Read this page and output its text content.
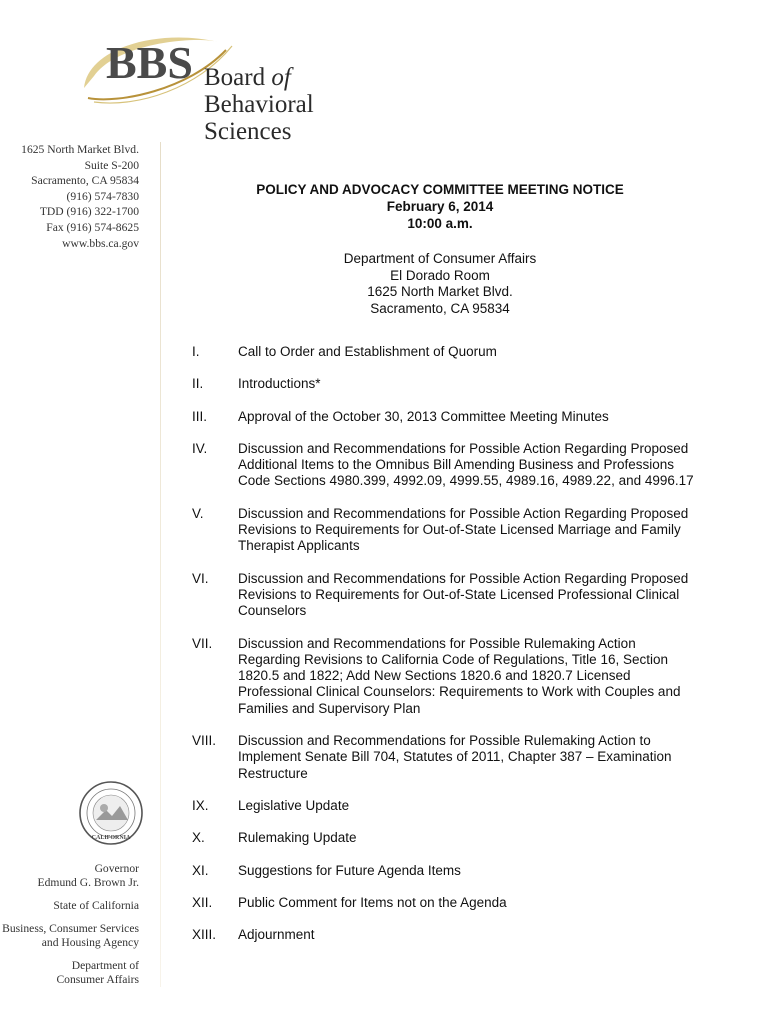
BBS Board of
Behavioral
Sciences
1625 North Market Blvd.
Suite S-200
Sacramento, CA 95834
(916) 574-7830
TDD (916) 322-1700
Fax (916) 574-8625
www.bbs.ca.gov
CALIFORNIA
Governor
Edmund G. Brown Jr.
State of California
Business, Consumer Services
and Housing Agency
Department of
Consumer Affairs
POLICY AND ADVOCACY COMMITTEE MEETING NOTICE
February 6, 2014
10:00 a.m.
Department of Consumer Affairs
El Dorado Room
1625 North Market Blvd.
Sacramento, CA 95834
I.	Call to Order and Establishment of Quorum
II.	Introductions*
III.	Approval of the October 30, 2013 Committee Meeting Minutes
IV.	Discussion and Recommendations for Possible Action Regarding Proposed
Additional Items to the Omnibus Bill Amending Business and Professions
Code Sections 4980.399, 4992.09, 4999.55, 4989.16, 4989.22, and 4996.17
V.	Discussion and Recommendations for Possible Action Regarding Proposed
Revisions to Requirements for Out-of-State Licensed Marriage and Family
Therapist Applicants
VI.	Discussion and Recommendations for Possible Action Regarding Proposed
Revisions to Requirements for Out-of-State Licensed Professional Clinical
Counselors
VII.	Discussion and Recommendations for Possible Rulemaking Action
Regarding Revisions to California Code of Regulations, Title 16, Section
1820.5 and 1822; Add New Sections 1820.6 and 1820.7 Licensed
Professional Clinical Counselors: Requirements to Work with Couples and
Families and Supervisory Plan
VIII.	Discussion and Recommendations for Possible Rulemaking Action to
Implement Senate Bill 704, Statutes of 2011, Chapter 387 – Examination
Restructure
IX.	Legislative Update
X.	Rulemaking Update
XI.	Suggestions for Future Agenda Items
XII.	Public Comment for Items not on the Agenda
XIII.	Adjournment
